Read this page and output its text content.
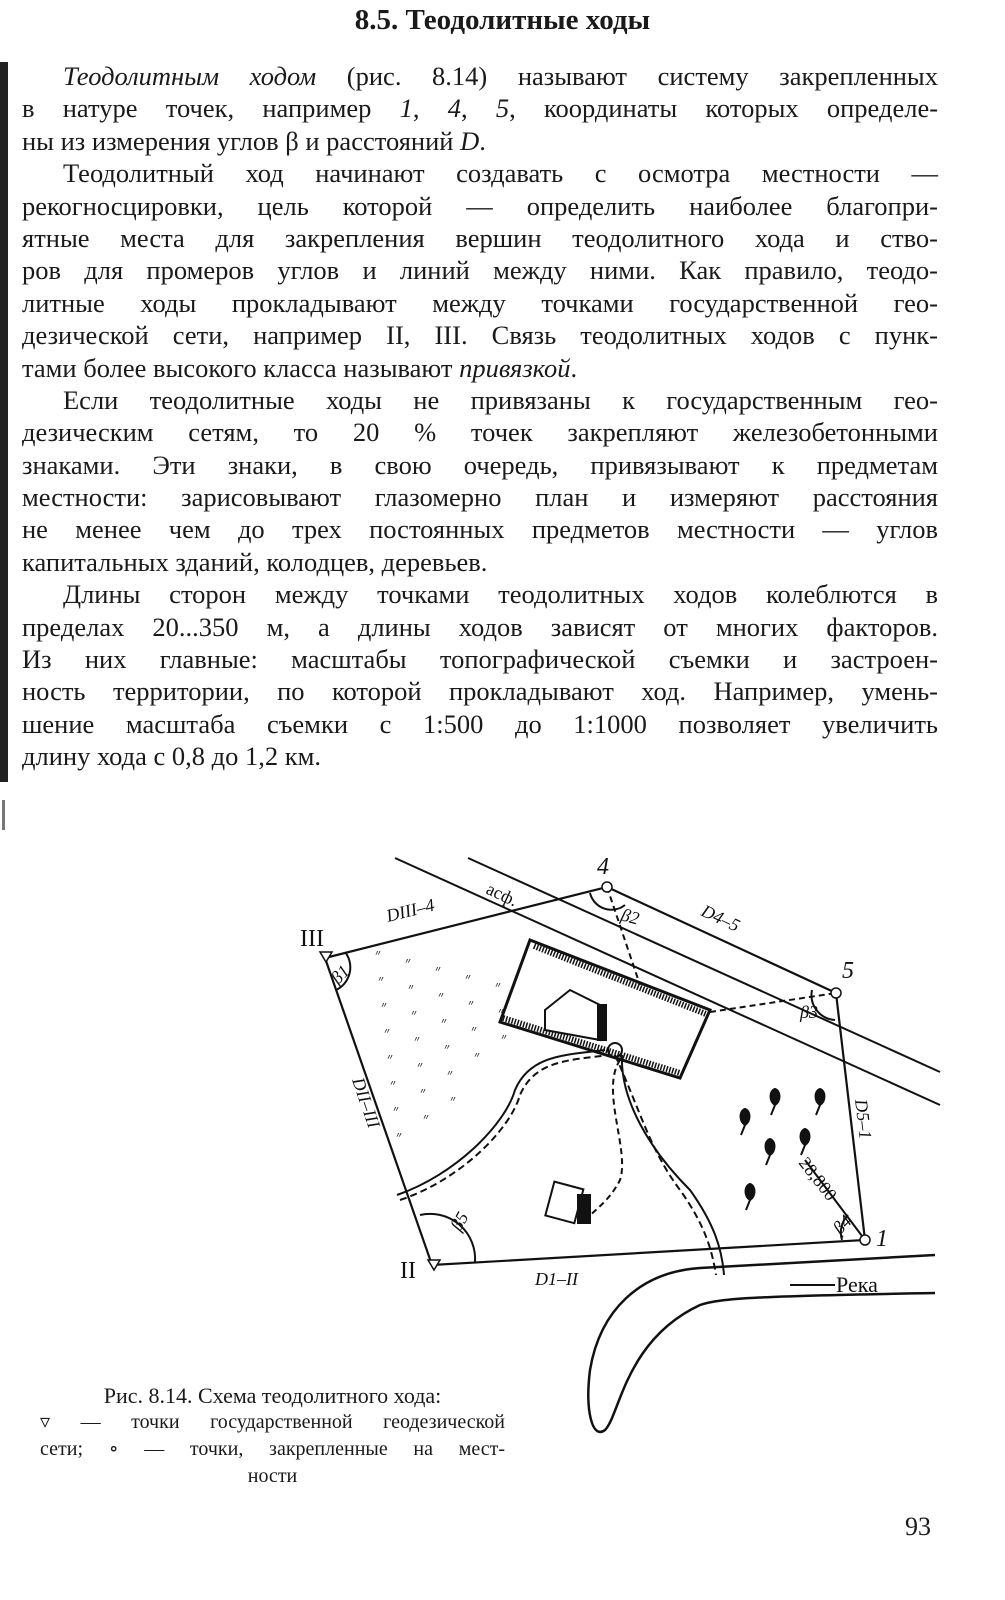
8.5. Теодолитные ходы
Теодолитным ходом (рис. 8.14) называют систему закрепленных
в натуре точек, например 1, 4, 5, координаты которых определе-
ны из измерения углов β и расстояний D.
Теодолитный ход начинают создавать с осмотра местности —
рекогносцировки, цель которой — определить наиболее благопри-
ятные места для закрепления вершин теодолитного хода и ство-
ров для промеров углов и линий между ними. Как правило, теодо-
литные ходы прокладывают между точками государственной гео-
дезической сети, например II, III. Связь теодолитных ходов с пунк-
тами более высокого класса называют привязкой.
Если теодолитные ходы не привязаны к государственным гео-
дезическим сетям, то 20 % точек закрепляют железобетонными
знаками. Эти знаки, в свою очередь, привязывают к предметам
местности: зарисовывают глазомерно план и измеряют расстояния
не менее чем до трех постоянных предметов местности — углов
капитальных зданий, колодцев, деревьев.
Длины сторон между точками теодолитных ходов колеблются в
пределах 20...350 м, а длины ходов зависят от многих факторов.
Из них главные: масштабы топографической съемки и застроен-
ность территории, по которой прокладывают ход. Например, умень-
шение масштаба съемки с 1:500 до 1:1000 позволяет увеличить
длину хода с 0,8 до 1,2 км.
״ ״ ״ ״ ״
״ ״ ״ ״ ״
״ ״ ״ ״ ״
״ ״ ״ ״
״ ״ ״
״ ״ ״
״ ״
״
III
II
4
5
1
Река
DIII–4	D4–5
D5–1
DII–III
D1–II
β1
β2
β3
β4
β5
асф.
28,800
Рис. 8.14. Схема теодолитного хода:
▿ — точки государственной геодезической
сети; ∘ — точки, закрепленные на мест-
ности
93
